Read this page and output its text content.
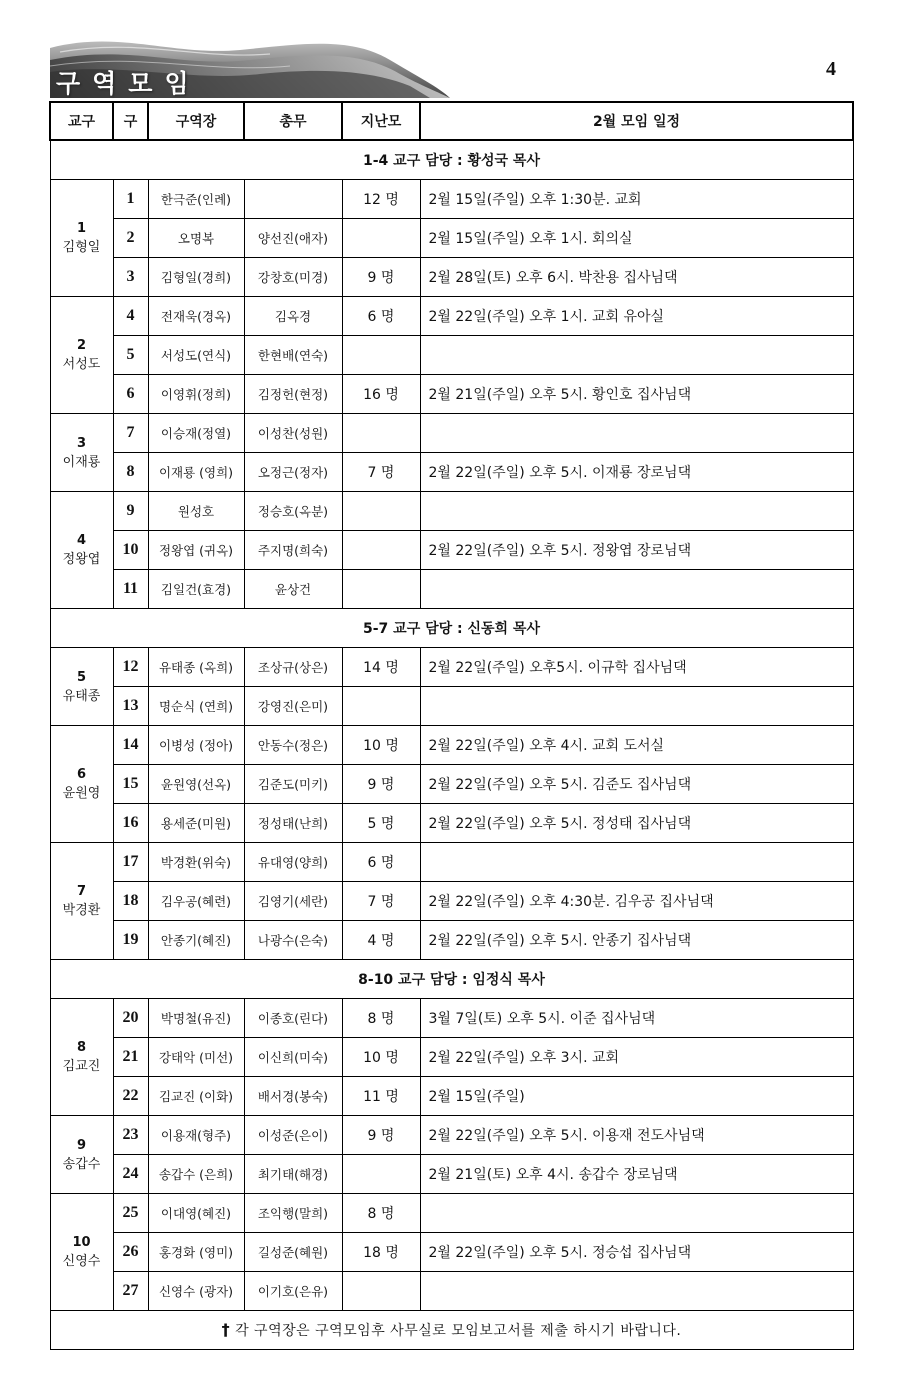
구역모임	4
교구	구	구역장	총무	지난모	2월 모임 일정
1-4 교구 담당 : 황성국 목사					

1
김형일	1	한극준(인례)		12 명	2월 15일(주일) 오후 1:30분. 교회
	2	오명복	양선진(애자)		2월 15일(주일) 오후 1시. 회의실
	3	김형일(경희)	강창호(미경)	9 명	2월 28일(토) 오후 6시. 박찬용 집사님댁

2
서성도	4	전재욱(경옥)	김옥경	6 명	2월 22일(주일) 오후 1시. 교회 유아실
	5	서성도(연식)	한현배(연숙)		
	6	이영휘(정희)	김정헌(현정)	16 명	2월 21일(주일) 오후 5시. 황인호 집사님댁

3
이재룡	7	이승재(정열)	이성찬(성원)		
	8	이재룡 (영희)	오정근(정자)	7 명	2월 22일(주일) 오후 5시. 이재룡 장로님댁

4
정왕엽	9	원성호	정승호(옥분)		
	10	정왕엽 (귀옥)	주지명(희숙)		2월 22일(주일) 오후 5시. 정왕엽 장로님댁
	11	김일건(효경)	윤상건		
5-7 교구 담당 : 신동희 목사					

5
유태종	12	유태종 (옥희)	조상규(상은)	14 명	2월 22일(주일) 오후5시. 이규학 집사님댁
	13	명순식 (연희)	강영진(은미)		

6
윤원영	14	이병성 (정아)	안동수(정은)	10 명	2월 22일(주일) 오후 4시. 교회 도서실
	15	윤원영(선옥)	김준도(미키)	9 명	2월 22일(주일) 오후 5시. 김준도 집사님댁
	16	용세준(미원)	정성태(난희)	5 명	2월 22일(주일) 오후 5시. 정성태 집사님댁

7
박경환	17	박경환(위숙)	유대영(양희)	6 명	
	18	김우공(혜련)	김영기(세란)	7 명	2월 22일(주일) 오후 4:30분. 김우공 집사님댁
	19	안종기(혜진)	나광수(은숙)	4 명	2월 22일(주일) 오후 5시. 안종기 집사님댁
8-10 교구 담당 : 임정식 목사					

8
김교진	20	박명철(유진)	이종호(린다)	8 명	3월 7일(토) 오후 5시. 이준 집사님댁
	21	강태악 (미선)	이신희(미숙)	10 명	2월 22일(주일) 오후 3시. 교회
	22	김교진 (이화)	배서경(봉숙)	11 명	2월 15일(주일)

9
송갑수	23	이용재(형주)	이성준(은이)	9 명	2월 22일(주일) 오후 5시. 이용재 전도사님댁
	24	송갑수 (은희)	최기태(해경)		2월 21일(토) 오후 4시. 송갑수 장로님댁

10
신영수	25	이대영(혜진)	조익행(말희)	8 명	
	26	홍경화 (영미)	길성준(혜원)	18 명	2월 22일(주일) 오후 5시. 정승섭 집사님댁
	27	신영수 (광자)	이기호(은유)		
† 각 구역장은 구역모임후 사무실로 모임보고서를 제출 하시기 바랍니다.					
